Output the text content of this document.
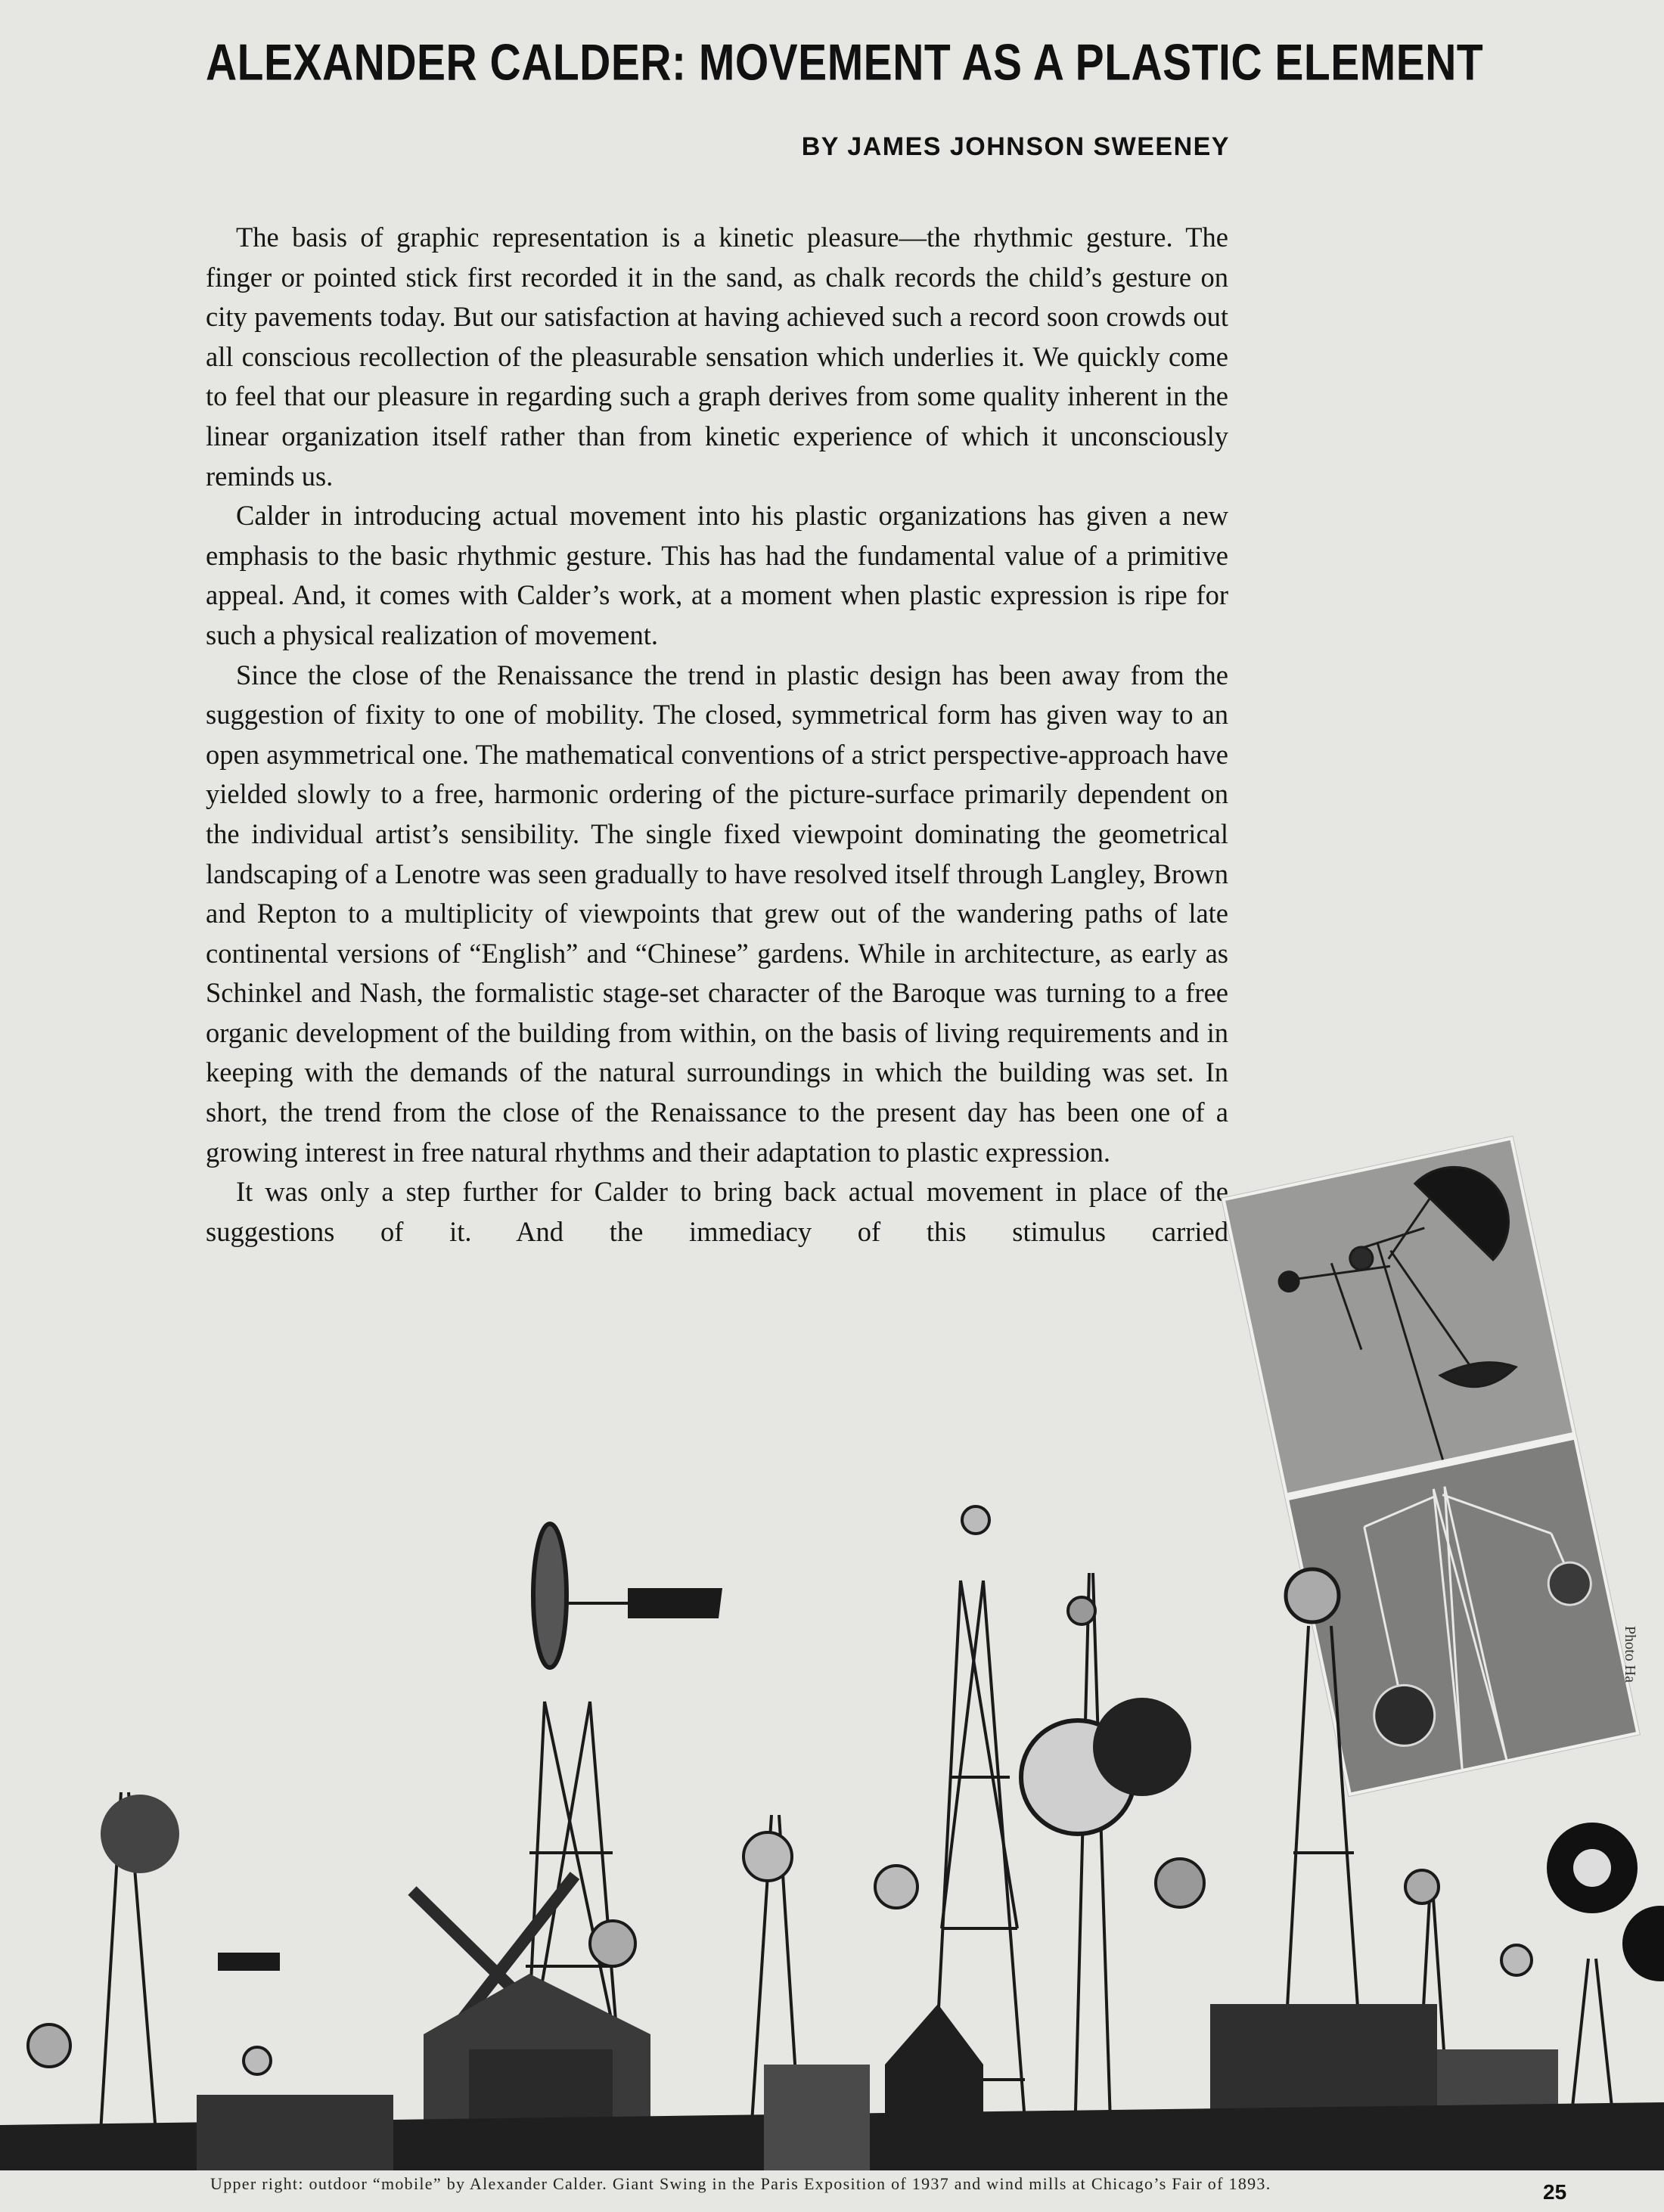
ALEXANDER CALDER: MOVEMENT AS A PLASTIC ELEMENT
BY JAMES JOHNSON SWEENEY

The basis of graphic representation is a kinetic pleasure—the rhythmic gesture. The finger or pointed stick first recorded it in the sand, as chalk records the child’s gesture on city pavements today. But our satisfaction at having achieved such a record soon crowds out all conscious recollection of the pleasurable sensation which underlies it. We quickly come to feel that our pleasure in regarding such a graph derives from some quality inherent in the linear organization itself rather than from kinetic experience of which it unconsciously reminds us.

Calder in introducing actual movement into his plastic organizations has given a new emphasis to the basic rhythmic gesture. This has had the fundamental value of a primitive appeal. And, it comes with Calder’s work, at a moment when plastic expression is ripe for such a physical realization of movement.

Since the close of the Renaissance the trend in plastic design has been away from the suggestion of fixity to one of mobility. The closed, symmetrical form has given way to an open asymmetrical one. The mathematical conventions of a strict perspective-approach have yielded slowly to a free, harmonic ordering of the picture-surface primarily dependent on the individual artist’s sensibility. The single fixed viewpoint dominating the geometrical landscaping of a Lenotre was seen gradually to have resolved itself through Langley, Brown and Repton to a multiplicity of viewpoints that grew out of the wandering paths of late continental versions of “English” and “Chinese” gardens. While in architecture, as early as Schinkel and Nash, the formalistic stage-set character of the Baroque was turning to a free organic development of the building from within, on the basis of living requirements and in keeping with the demands of the natural surroundings in which the building was set. In short, the trend from the close of the Renaissance to the present day has been one of a growing interest in free natural rhythms and their adaptation to plastic expression.

It was only a step further for Calder to bring back actual movement in place of the suggestions of it. And the immediacy of this stimulus carried

Photo Ha
Upper right: outdoor “mobile” by Alexander Calder. Giant Swing in the Paris Exposition of 1937 and wind mills at Chicago’s Fair of 1893.	25
